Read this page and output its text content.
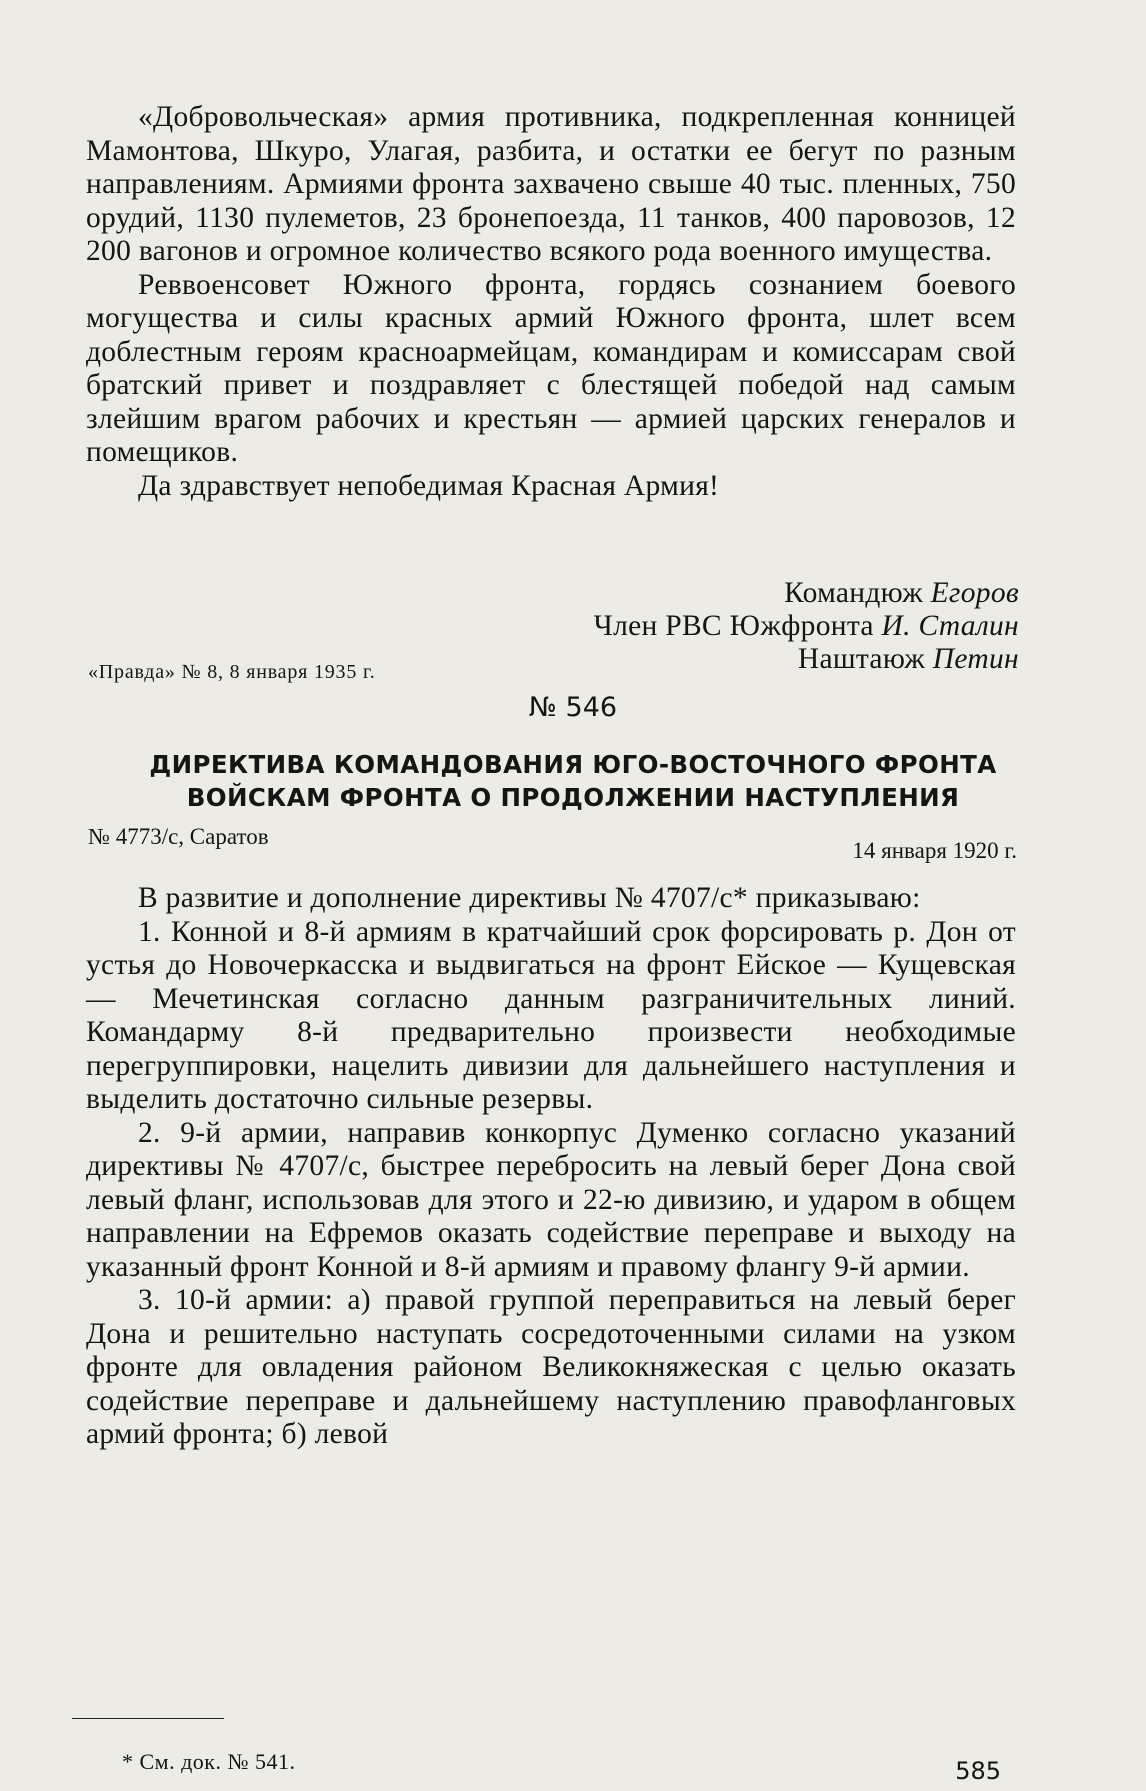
«Добровольческая» армия противника, подкрепленная конницей Мамонтова, Шкуро, Улагая, разбита, и остатки ее бегут по разным направлениям. Армиями фронта захвачено свыше 40 тыс. пленных, 750 орудий, 1130 пулеметов, 23 бронепоезда, 11 танков, 400 паровозов, 12 200 вагонов и огромное количество всякого рода военного имущества.

Реввоенсовет Южного фронта, гордясь сознанием боевого могущества и силы красных армий Южного фронта, шлет всем доблестным героям красноармейцам, командирам и комиссарам свой братский привет и поздравляет с блестящей победой над самым злейшим врагом рабочих и крестьян — армией царских генералов и помещиков.

Да здравствует непобедимая Красная Армия!

Командюж Егоров
Член РВС Южфронта И. Сталин
Наштаюж Петин
«Правда» № 8, 8 января 1935 г.
№ 546
ДИРЕКТИВА КОМАНДОВАНИЯ ЮГО-ВОСТОЧНОГО ФРОНТА
ВОЙСКАМ ФРОНТА О ПРОДОЛЖЕНИИ НАСТУПЛЕНИЯ
№ 4773/с, Саратов
14 января 1920 г.

В развитие и дополнение директивы № 4707/с* приказываю:

1. Конной и 8-й армиям в кратчайший срок форсировать р. Дон от устья до Новочеркасска и выдвигаться на фронт Ейское — Кущевская — Мечетинская согласно данным разграничительных линий. Командарму 8-й предварительно произвести необходимые перегруппировки, нацелить дивизии для дальнейшего наступления и выделить достаточно сильные резервы.

2. 9-й армии, направив конкорпус Думенко согласно указаний директивы № 4707/с, быстрее перебросить на левый берег Дона свой левый фланг, использовав для этого и 22-ю дивизию, и ударом в общем направлении на Ефремов оказать содействие переправе и выходу на указанный фронт Конной и 8-й армиям и правому флангу 9-й армии.

3. 10-й армии: а) правой группой переправиться на левый берег Дона и решительно наступать сосредоточенными силами на узком фронте для овладения районом Великокняжеская с целью оказать содействие переправе и дальнейшему наступлению правофланговых армий фронта; б) левой

* См. док. № 541.	585
